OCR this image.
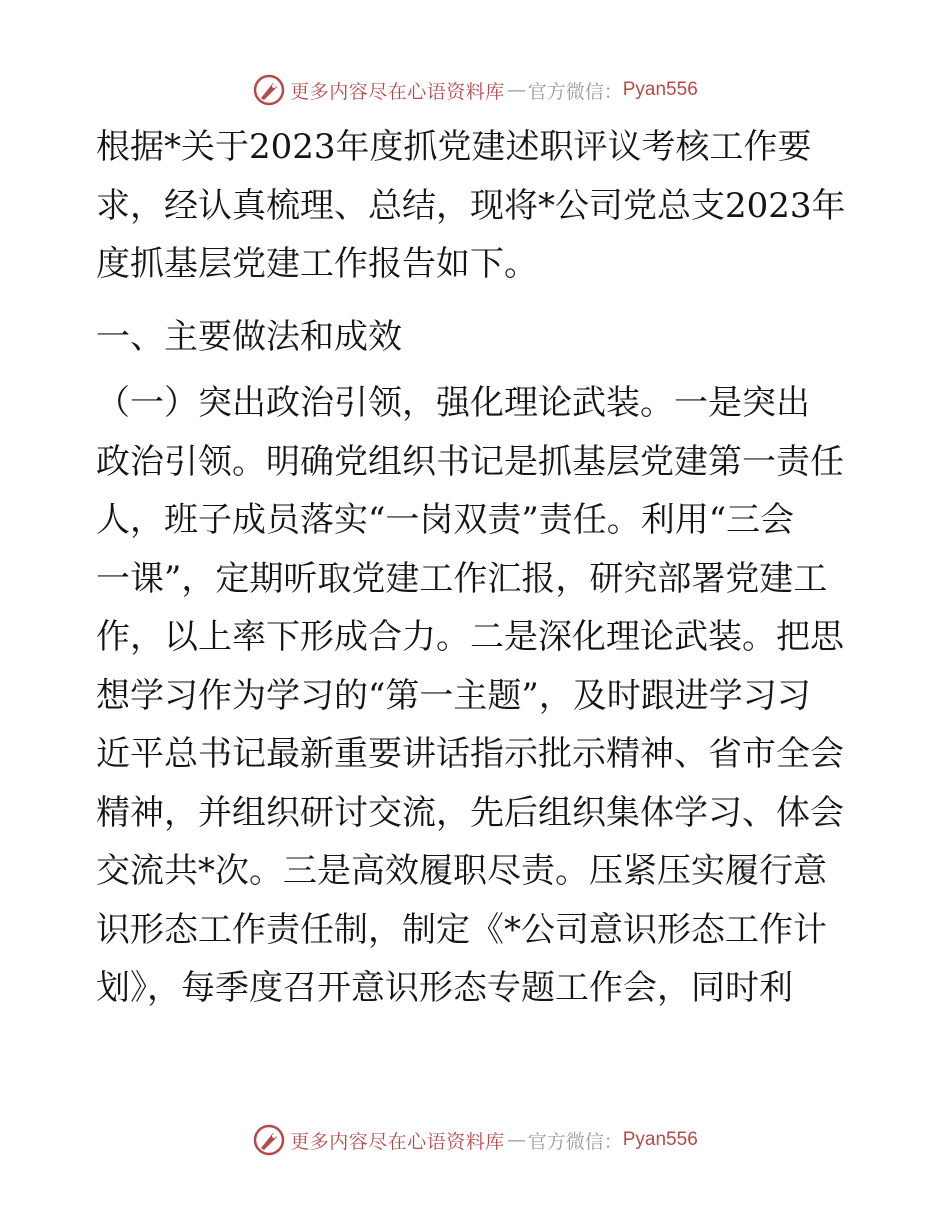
更多内容尽在心语资料库 — 官方微信： Pyan556

根据*关于2023年度抓党建述职评议考核工作要

求，经认真梳理、总结，现将*公司党总支2023年

度抓基层党建工作报告如下。

一、主要做法和成效

（一）突出政治引领，强化理论武装。一是突出

政治引领。明确党组织书记是抓基层党建第一责任

人，班子成员落实“一岗双责”责任。利用“三会

一课”，定期听取党建工作汇报，研究部署党建工

作，以上率下形成合力。二是深化理论武装。把思

想学习作为学习的“第一主题”，及时跟进学习习

近平总书记最新重要讲话指示批示精神、省市全会

精神，并组织研讨交流，先后组织集体学习、体会

交流共*次。三是高效履职尽责。压紧压实履行意

识形态工作责任制，制定《*公司意识形态工作计

划》，每季度召开意识形态专题工作会，同时利

更多内容尽在心语资料库 — 官方微信： Pyan556
